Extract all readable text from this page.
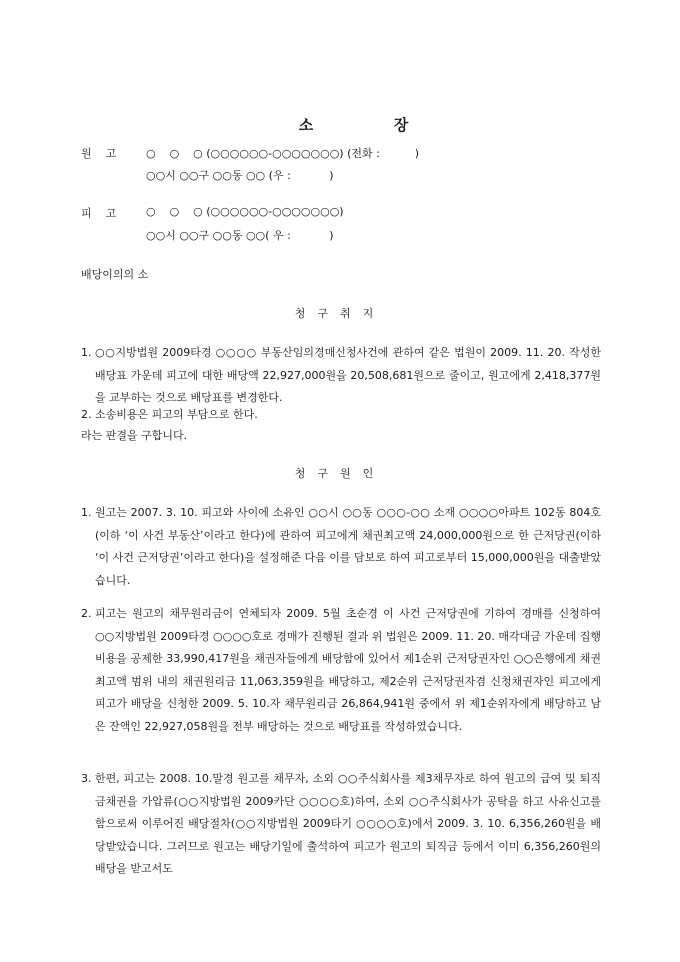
소	장

원고 ○    ○    ○ (○○○○○○-○○○○○○○) (전화 :          )
○○시 ○○구 ○○동 ○○ (우 :           )
피고 ○    ○    ○ (○○○○○○-○○○○○○○)
○○시 ○○구 ○○동 ○○( 우 :           )
배당이의의 소
청구취지
1. ○○지방법원 2009타경 ○○○○ 부동산임의경매신청사건에 관하여 같은 법원이 2009. 11. 20. 작성한 배당표 가운데 피고에 대한 배당액 22,927,000원을 20,508,681원으로 줄이고, 원고에게 2,418,377원을 교부하는 것으로 배당표를 변경한다.
2. 소송비용은 피고의 부담으로 한다.
라는 판결을 구합니다.
청구원인
1. 원고는 2007. 3. 10. 피고와 사이에 소유인 ○○시 ○○동 ○○○-○○ 소재 ○○○○아파트 102동 804호(이하 ‘이 사건 부동산’이라고 한다)에 관하여 피고에게 채권최고액 24,000,000원으로 한 근저당권(이하 ‘이 사건 근저당권’이라고 한다)을 설정해준 다음 이를 담보로 하여 피고로부터 15,000,000원을 대출받았습니다.
2. 피고는 원고의 채무원리금이 연체되자 2009. 5월 초순경 이 사건 근저당권에 기하여 경매를 신청하여 ○○지방법원 2009타경 ○○○○호로 경매가 진행된 결과 위 법원은 2009. 11. 20. 매각대금 가운데 집행비용을 공제한 33,990,417원을 채권자들에게 배당함에 있어서 제1순위 근저당권자인 ○○은행에게 채권최고액 범위 내의 채권원리금 11,063,359원을 배당하고, 제2순위 근저당권자겸 신청채권자인 피고에게 피고가 배당을 신청한 2009. 5. 10.자 채무원리금 26,864,941원 중에서 위 제1순위자에게 배당하고 남은 잔액인 22,927,058원을 전부 배당하는 것으로 배당표를 작성하였습니다.
3. 한편, 피고는 2008. 10.말경 원고를 채무자, 소외 ○○주식회사를 제3채무자로 하여 원고의 급여 및 퇴직금채권을 가압류(○○지방법원 2009카단 ○○○○호)하여, 소외 ○○주식회사가 공탁을 하고 사유신고를 함으로써 이루어진 배당절차(○○지방법원 2009타기 ○○○○호)에서 2009. 3. 10. 6,356,260원을 배당받았습니다. 그러므로 원고는 배당기일에 출석하여 피고가 원고의 퇴직금 등에서 이미 6,356,260원의 배당을 받고서도
